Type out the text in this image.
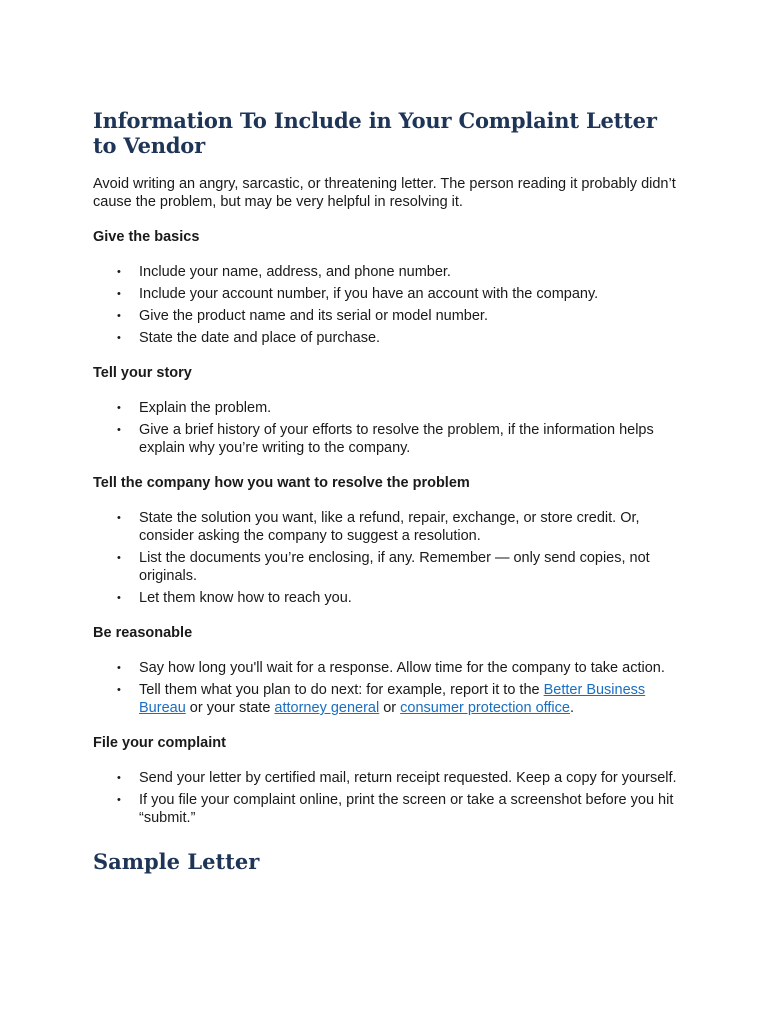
Information To Include in Your Complaint Letter to Vendor

Avoid writing an angry, sarcastic, or threatening letter. The person reading it probably didn’t cause the problem, but may be very helpful in resolving it.

Give the basics
• Include your name, address, and phone number.
• Include your account number, if you have an account with the company.
• Give the product name and its serial or model number.
• State the date and place of purchase.
Tell your story
• Explain the problem.
• Give a brief history of your efforts to resolve the problem, if the information helps explain why you’re writing to the company.
Tell the company how you want to resolve the problem
• State the solution you want, like a refund, repair, exchange, or store credit. Or, consider asking the company to suggest a resolution.
• List the documents you’re enclosing, if any. Remember — only send copies, not originals.
• Let them know how to reach you.
Be reasonable
• Say how long you'll wait for a response. Allow time for the company to take action.
• Tell them what you plan to do next: for example, report it to the Better Business Bureau or your state attorney general or consumer protection office.
File your complaint
• Send your letter by certified mail, return receipt requested. Keep a copy for yourself.
• If you file your complaint online, print the screen or take a screenshot before you hit “submit.”
Sample Letter
